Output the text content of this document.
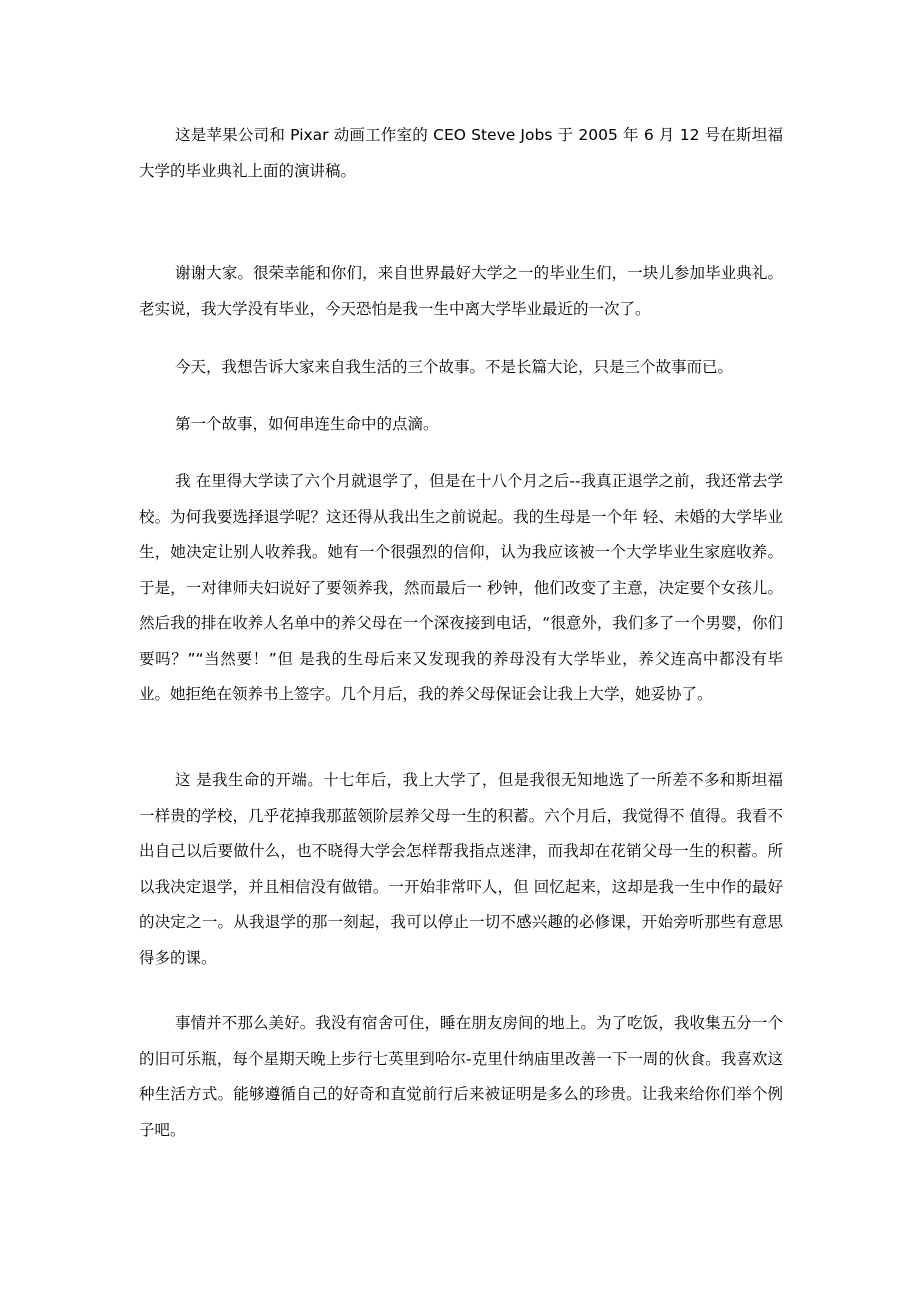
这是苹果公司和 Pixar 动画工作室的 CEO Steve Jobs 于 2005 年 6 月 12 号在斯坦福大学的毕业典礼上面的演讲稿。

谢谢大家。很荣幸能和你们，来自世界最好大学之一的毕业生们，一块儿参加毕业典礼。老实说，我大学没有毕业，今天恐怕是我一生中离大学毕业最近的一次了。

今天，我想告诉大家来自我生活的三个故事。不是长篇大论，只是三个故事而已。

第一个故事，如何串连生命中的点滴。

我 在里得大学读了六个月就退学了，但是在十八个月之后--我真正退学之前，我还常去学校。为何我要选择退学呢？这还得从我出生之前说起。我的生母是一个年 轻、未婚的大学毕业生，她决定让别人收养我。她有一个很强烈的信仰，认为我应该被一个大学毕业生家庭收养。于是，一对律师夫妇说好了要领养我，然而最后一 秒钟，他们改变了主意，决定要个女孩儿。然后我的排在收养人名单中的养父母在一个深夜接到电话，“很意外，我们多了一个男婴，你们要吗？”“当然要！”但 是我的生母后来又发现我的养母没有大学毕业，养父连高中都没有毕业。她拒绝在领养书上签字。几个月后，我的养父母保证会让我上大学，她妥协了。

这 是我生命的开端。十七年后，我上大学了，但是我很无知地选了一所差不多和斯坦福一样贵的学校，几乎花掉我那蓝领阶层养父母一生的积蓄。六个月后，我觉得不 值得。我看不出自己以后要做什么，也不晓得大学会怎样帮我指点迷津，而我却在花销父母一生的积蓄。所以我决定退学，并且相信没有做错。一开始非常吓人，但 回忆起来，这却是我一生中作的最好的决定之一。从我退学的那一刻起，我可以停止一切不感兴趣的必修课，开始旁听那些有意思得多的课。

事情并不那么美好。我没有宿舍可住，睡在朋友房间的地上。为了吃饭，我收集五分一个的旧可乐瓶，每个星期天晚上步行七英里到哈尔-克里什纳庙里改善一下一周的伙食。我喜欢这种生活方式。能够遵循自己的好奇和直觉前行后来被证明是多么的珍贵。让我来给你们举个例子吧。
